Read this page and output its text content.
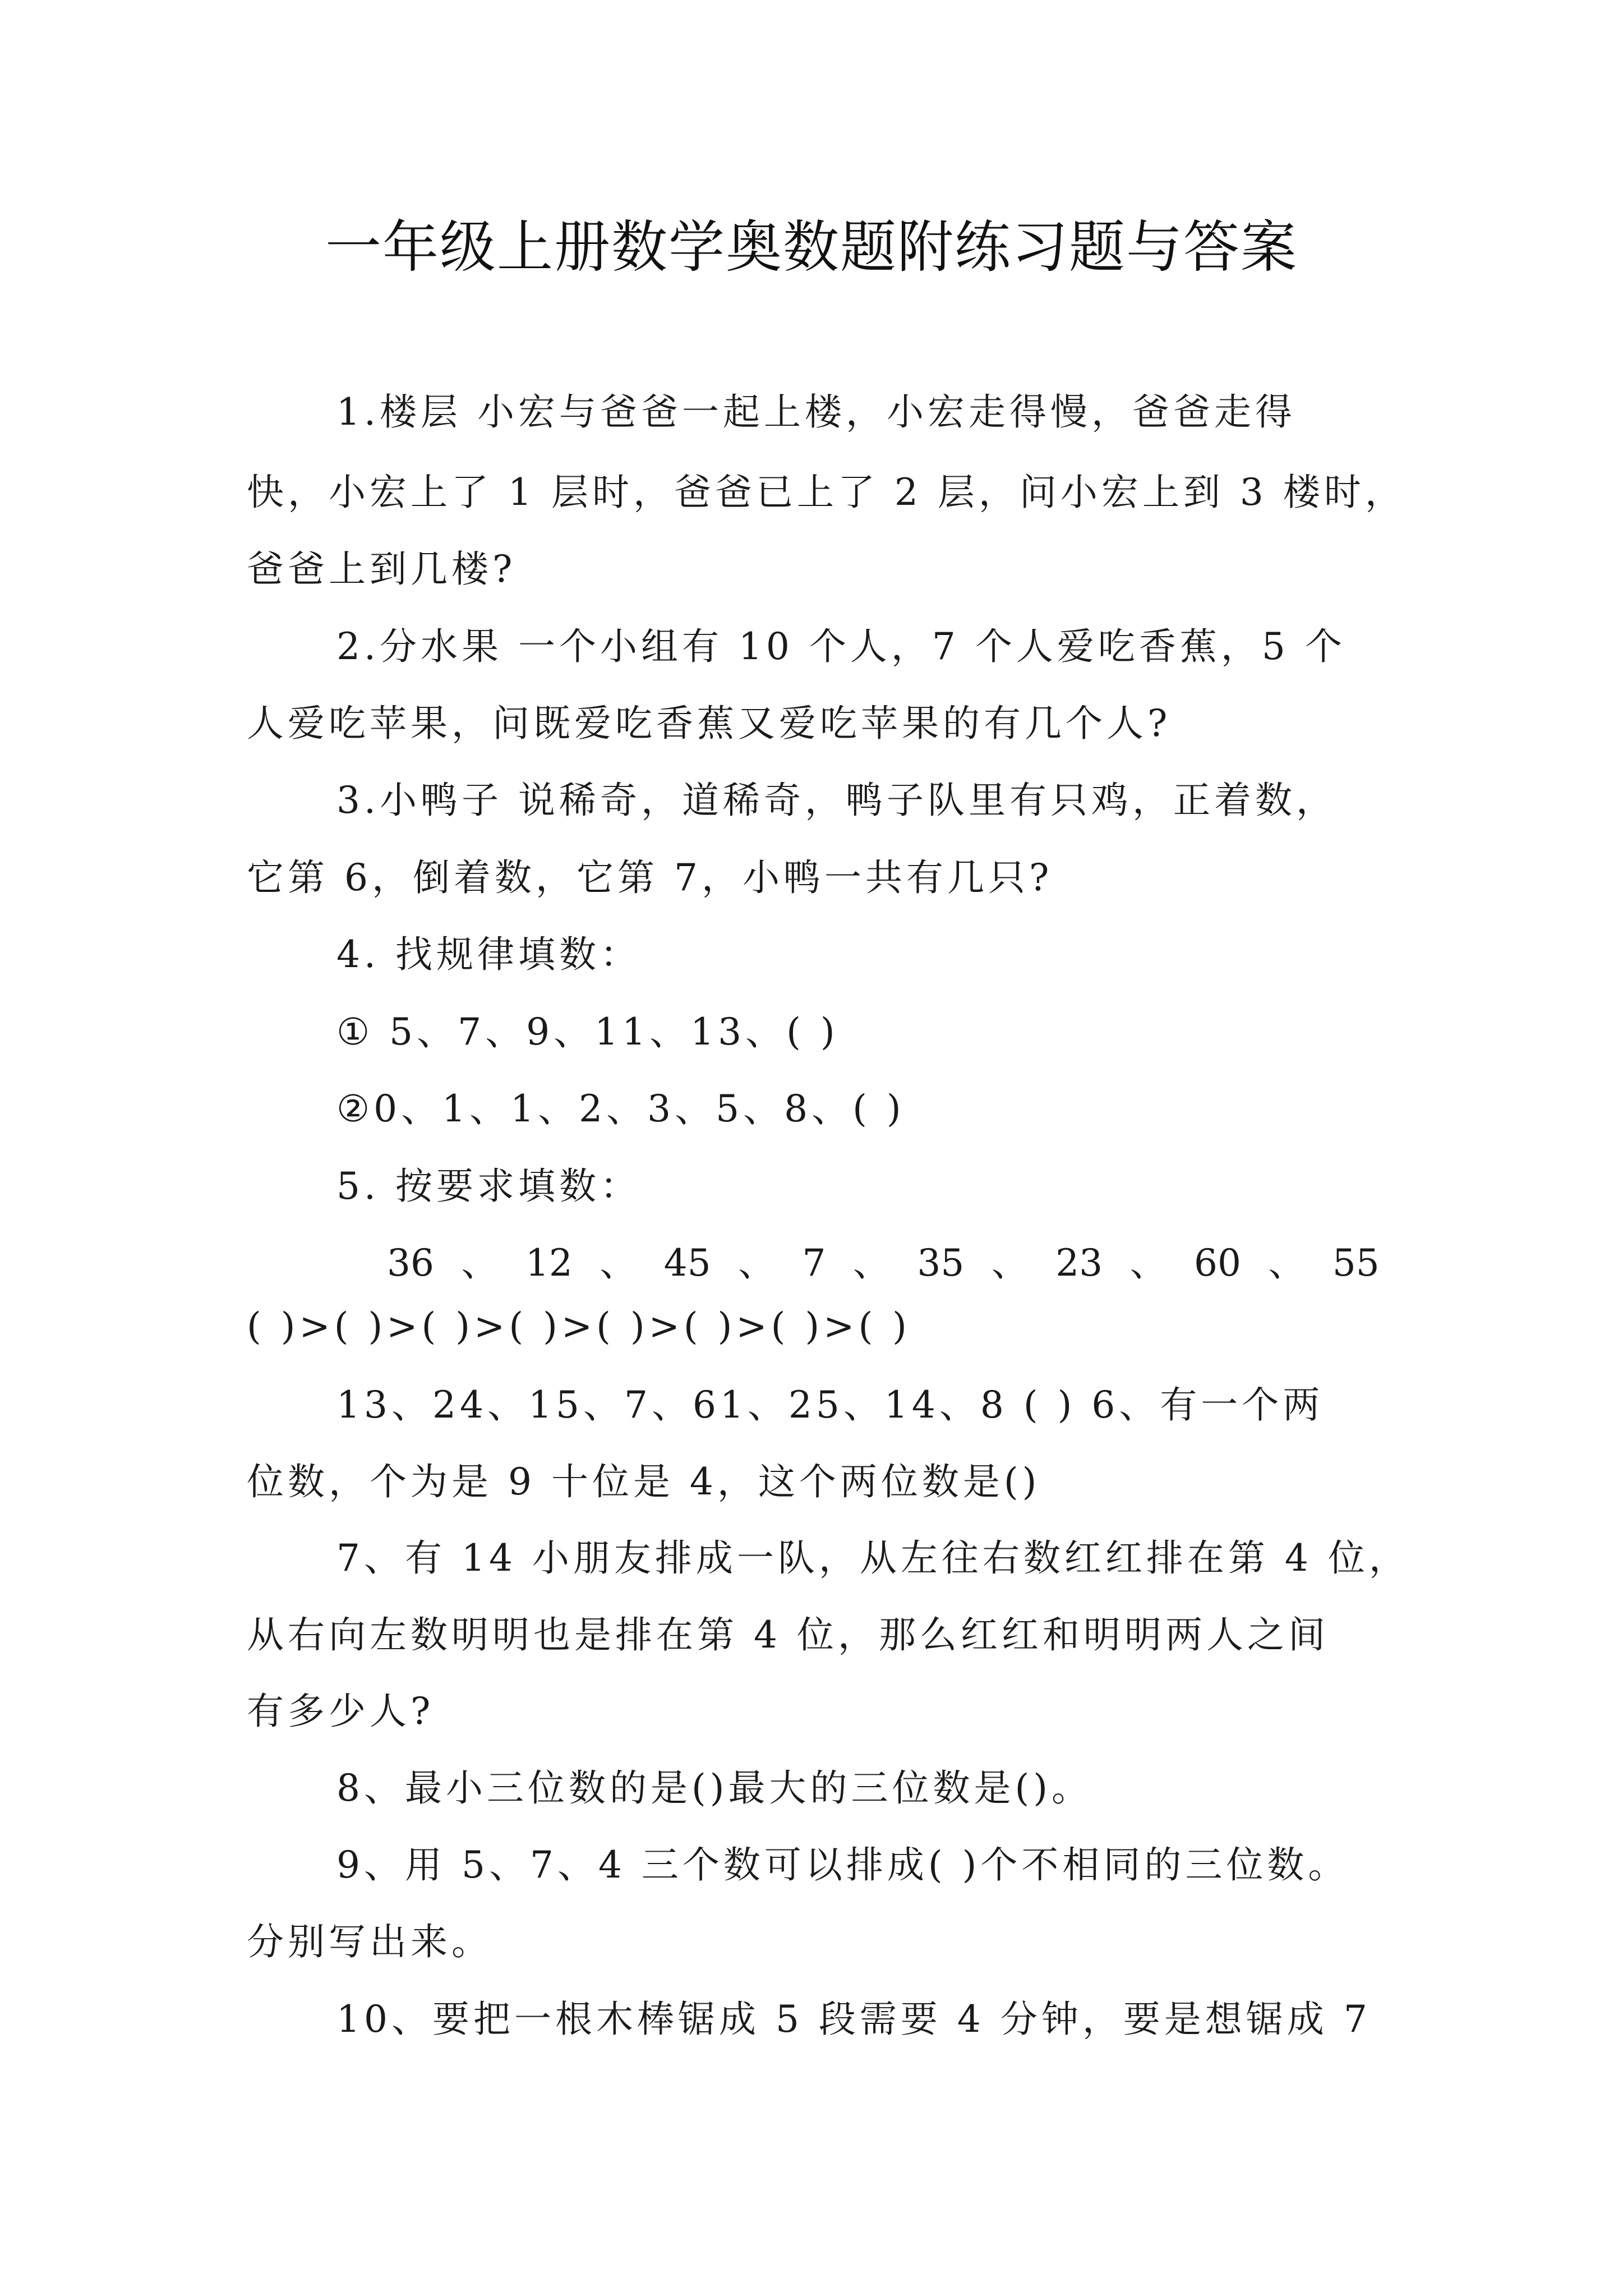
一年级上册数学奥数题附练习题与答案

1.楼层 小宏与爸爸一起上楼，小宏走得慢，爸爸走得

快，小宏上了 1 层时，爸爸已上了 2 层，问小宏上到 3 楼时，

爸爸上到几楼?

2.分水果 一个小组有 10 个人，7 个人爱吃香蕉，5 个

人爱吃苹果，问既爱吃香蕉又爱吃苹果的有几个人?

3.小鸭子 说稀奇，道稀奇，鸭子队里有只鸡，正着数，

它第 6，倒着数，它第 7，小鸭一共有几只?

4. 找规律填数：

① 5、7、9、11、13、( )

②0、1、1、2、3、5、8、( )

5. 按要求填数：

36 、 12 、 45 、 7 、 35 、 23 、 60 、 55

( )>( )>( )>( )>( )>( )>( )>( )

13、24、15、7、61、25、14、8 ( ) 6、有一个两

位数，个为是 9 十位是 4，这个两位数是()

7、有 14 小朋友排成一队，从左往右数红红排在第 4 位，

从右向左数明明也是排在第 4 位，那么红红和明明两人之间

有多少人?

8、最小三位数的是()最大的三位数是()。

9、用 5、7、4 三个数可以排成( )个不相同的三位数。

分别写出来。

10、要把一根木棒锯成 5 段需要 4 分钟，要是想锯成 7
